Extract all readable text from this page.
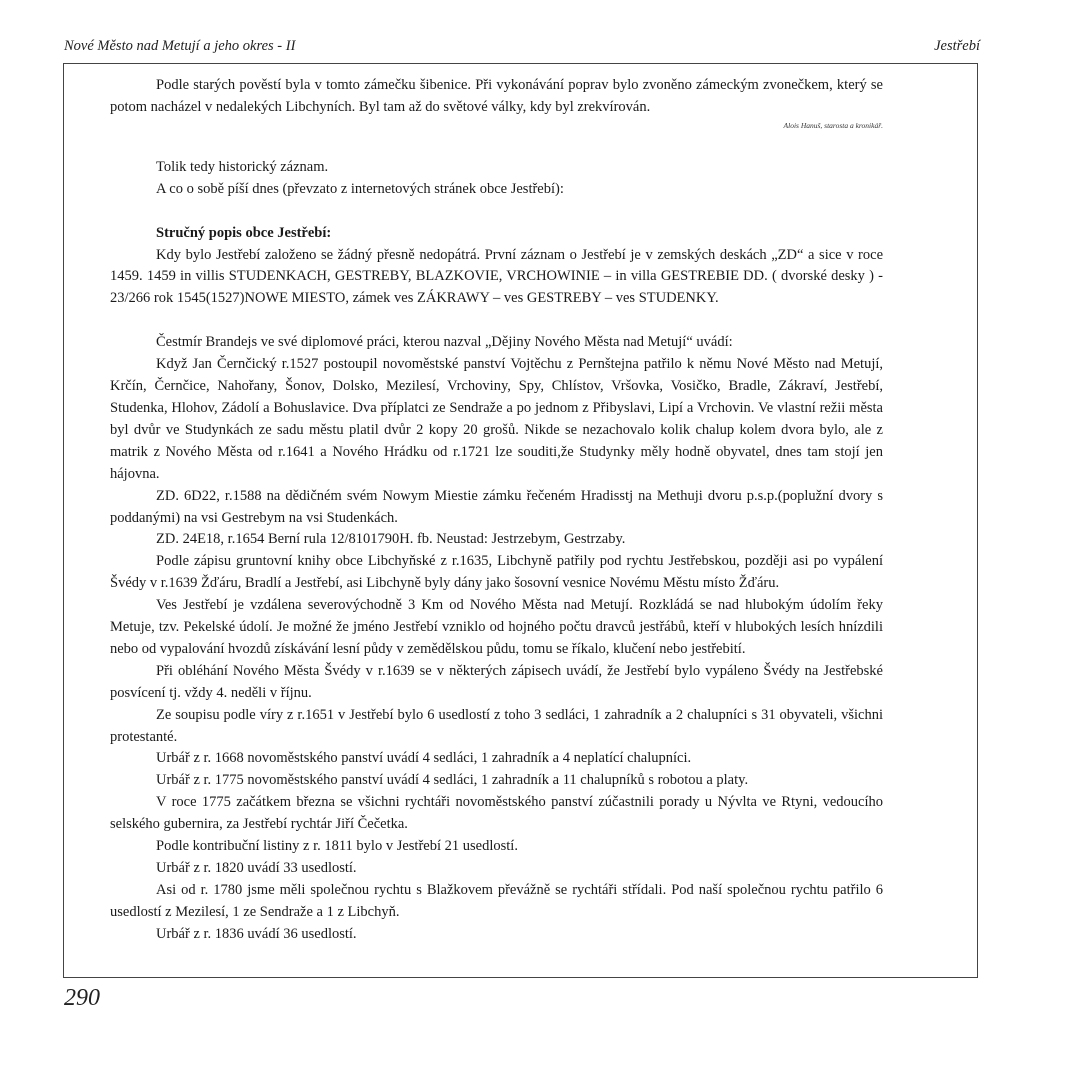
Nové Město nad Metují a jeho okres - II	Jestřebí

Podle starých pověstí byla v tomto zámečku šibenice. Při vykonávání poprav bylo zvoněno zámeckým zvonečkem, který se potom nacházel v nedalekých Libchyních. Byl tam až do světové války, kdy byl zrekvírován.

Alois Hanuš, starosta a kronikář.

Tolik tedy historický záznam.

A co o sobě píší dnes (převzato z internetových stránek obce Jestřebí):

Stručný popis obce Jestřebí:

Kdy bylo Jestřebí založeno se žádný přesně nedopátrá. První záznam o Jestřebí je v zemských deskách „ZD“ a sice v roce 1459. 1459 in villis STUDENKACH, GESTREBY, BLAZKOVIE, VRCHOWINIE – in villa GESTREBIE DD. ( dvorské desky ) - 23/266 rok 1545(1527)NOWE MIESTO, zámek ves ZÁKRAWY – ves GESTREBY – ves STUDENKY.

Čestmír Brandejs ve své diplomové práci, kterou nazval „Dějiny Nového Města nad Metují“ uvádí:

Když Jan Černčický r.1527 postoupil novoměstské panství Vojtěchu z Pernštejna patřilo k němu Nové Město nad Metují, Krčín, Černčice, Nahořany, Šonov, Dolsko, Mezilesí, Vrchoviny, Spy, Chlístov, Vršovka, Vosičko, Bradle, Zákraví, Jestřebí, Studenka, Hlohov, Zádolí a Bohuslavice. Dva příplatci ze Sendraže a po jednom z Přibyslavi, Lipí a Vrchovin. Ve vlastní režii města byl dvůr ve Studynkách ze sadu městu platil dvůr 2 kopy 20 grošů. Nikde se nezachovalo kolik chalup kolem dvora bylo, ale z matrik z Nového Města od r.1641 a Nového Hrádku od r.1721 lze souditi,že Studynky měly hodně obyvatel, dnes tam stojí jen hájovna.

ZD. 6D22, r.1588 na dědičném svém Nowym Miestie zámku řečeném Hradisstj na Methuji dvoru p.s.p.(poplužní dvory s poddanými) na vsi Gestrebym na vsi Studenkách.

ZD. 24E18, r.1654 Berní rula 12/8101790H. fb. Neustad: Jestrzebym, Gestrzaby.

Podle zápisu gruntovní knihy obce Libchyňské z r.1635, Libchyně patřily pod rychtu Jestřebskou, později asi po vypálení Švédy v r.1639 Žďáru, Bradlí a Jestřebí, asi Libchyně byly dány jako šosovní vesnice Novému Městu místo Žďáru.

Ves Jestřebí je vzdálena severovýchodně 3 Km od Nového Města nad Metují. Rozkládá se nad hlubokým údolím řeky Metuje, tzv. Pekelské údolí. Je možné že jméno Jestřebí vzniklo od hojného počtu dravců jestřábů, kteří v hlubokých lesích hnízdili nebo od vypalování hvozdů získávání lesní půdy v zemědělskou půdu, tomu se říkalo, klučení nebo jestřebití.

Při obléhání Nového Města Švédy v r.1639 se v některých zápisech uvádí, že Jestřebí bylo vypáleno Švédy na Jestřebské posvícení tj. vždy 4. neděli v říjnu.

Ze soupisu podle víry z r.1651 v Jestřebí bylo 6 usedlostí z toho 3 sedláci, 1 zahradník a 2 chalupníci s 31 obyvateli, všichni protestanté.

Urbář z r. 1668 novoměstského panství uvádí 4 sedláci, 1 zahradník a 4 neplatící chalupníci.

Urbář z r. 1775 novoměstského panství uvádí 4 sedláci, 1 zahradník a 11 chalupníků s robotou a platy.

V roce 1775 začátkem března se všichni rychtáři novoměstského panství zúčastnili porady u Nývlta ve Rtyni, vedoucího selského gubernira, za Jestřebí rychtár Jiří Čečetka.

Podle kontribuční listiny z r. 1811 bylo v Jestřebí 21 usedlostí.

Urbář z r. 1820 uvádí 33 usedlostí.

Asi od r. 1780 jsme měli společnou rychtu s Blažkovem převážně se rychtáři střídali. Pod naší společnou rychtu patřilo 6 usedlostí z Mezilesí, 1 ze Sendraže a 1 z Libchyň.

Urbář z r. 1836 uvádí 36 usedlostí.

290
